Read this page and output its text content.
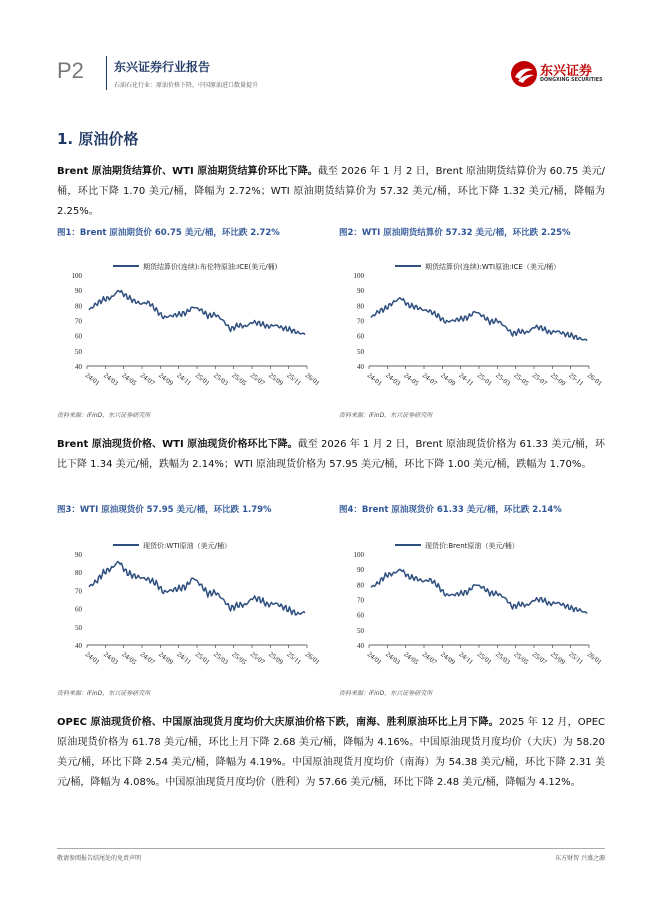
P2	东兴证券行业报告
石油石化行业：原油价格下降，中国原油进口数量提升
东兴证券
DONGXING SECURITIES
1. 原油价格
Brent 原油期货结算价、WTI 原油期货结算价环比下降。截至 2026 年 1 月 2 日，Brent 原油期货结算价为 60.75 美元/桶，环比下降 1.70 美元/桶，降幅为 2.72%；WTI 原油期货结算价为 57.32 美元/桶，环比下降 1.32 美元/桶，降幅为 2.25%。
图1：Brent 原油期货价 60.75 美元/桶，环比跌 2.72%	图2：WTI 原油期货结算价 57.32 美元/桶，环比跌 2.25%
期货结算价(连续):布伦特原油:ICE(美元/桶)
40
50
60
70
80
90
100
24/01 24/03 24/05 24/07 24/09 24/11 25/01 25/03 25/05 25/07 25/09 25/11 26/01
期货结算价(连续):WTI原油:ICE（美元/桶）
40
50
60
70
80
90
100
24-01 24-03 24-05 24-07 24-09 24-11 25-01 25-03 25-05 25-07 25-09 25-11 26-01
资料来源：iFinD，东兴证券研究所	资料来源：iFinD，东兴证券研究所
Brent 原油现货价格、WTI 原油现货价格环比下降。截至 2026 年 1 月 2 日，Brent 原油现货价格为 61.33 美元/桶，环比下降 1.34 美元/桶，跌幅为 2.14%；WTI 原油现货价格为 57.95 美元/桶，环比下降 1.00 美元/桶，跌幅为 1.70%。
图3：WTI 原油现货价 57.95 美元/桶，环比跌 1.79%	图4：Brent 原油现货价 61.33 美元/桶，环比跌 2.14%
现货价:WTI原油（美元/桶）
40
50
60
70
80
90
24/01 24/03 24/05 24/07 24/09 24/11 25/01 25/03 25/05 25/07 25/09 25/11 26/01
现货价:Brent原油（美元/桶）
40
50
60
70
80
90
100
24/01 24/03 24/05 24/07 24/09 24/11 25/01 25/03 25/05 25/07 25/09 25/11 26/01
资料来源：iFinD，东兴证券研究所	资料来源：iFinD，东兴证券研究所
OPEC 原油现货价格、中国原油现货月度均价大庆原油价格下跌，南海、胜利原油环比上月下降。2025 年 12 月，OPEC 原油现货价格为 61.78 美元/桶，环比上月下降 2.68 美元/桶，降幅为 4.16%。中国原油现货月度均价（大庆）为 58.20 美元/桶，环比下降 2.54 美元/桶，降幅为 4.19%。中国原油现货月度均价（南海）为 54.38 美元/桶，环比下降 2.31 美元/桶，降幅为 4.08%。中国原油现货月度均价（胜利）为 57.66 美元/桶，环比下降 2.48 美元/桶，降幅为 4.12%。
敬请参阅报告结尾处的免责声明	东方财智 兴盛之源
